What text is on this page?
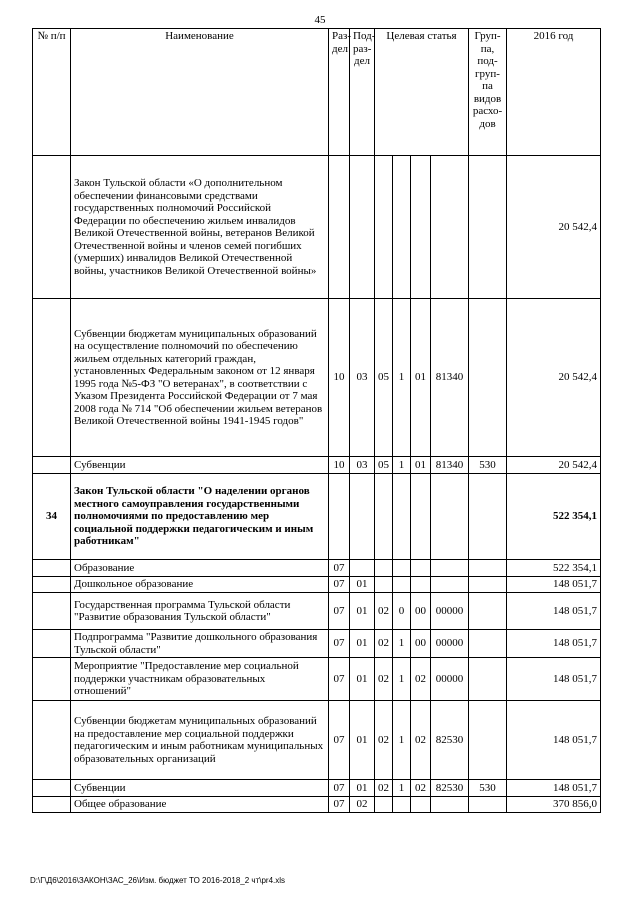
45
№ п/п	Наименование	Раз- дел	Под- раз- дел	Целевая статья				Груп- па, под- груп- па видов расхо- дов	2016 год
	Закон Тульской области «О дополнительном обеспечении финансовыми средствами государственных полномочий Российской Федерации по обеспечению жильем инвалидов Великой Отечественной войны, ветеранов Великой Отечественной войны и членов семей погибших (умерших) инвалидов Великой Отечественной войны, участников Великой Отечественной войны»								20 542,4
	Субвенции бюджетам муниципальных образований на осуществление полномочий по обеспечению жильем отдельных категорий граждан, установленных Федеральным законом от 12 января 1995 года №5-ФЗ "О ветеранах", в соответствии с Указом Президента Российской Федерации от 7 мая 2008 года № 714 "Об обеспечении жильем ветеранов Великой Отечественной войны 1941-1945 годов"	10	03	05	1	01	81340		20 542,4
	Субвенции	10	03	05	1	01	81340	530	20 542,4
34	Закон Тульской области "О наделении органов местного самоуправления государственными полномочиями по предоставлению мер социальной поддержки педагогическим и иным работникам"								522 354,1
	Образование	07							522 354,1
	Дошкольное образование	07	01						148 051,7
	Государственная программа Тульской области "Развитие образования Тульской области"	07	01	02	0	00	00000		148 051,7
	Подпрограмма "Развитие дошкольного образования Тульской области"	07	01	02	1	00	00000		148 051,7
	Мероприятие "Предоставление мер социальной поддержки участникам образовательных отношений"	07	01	02	1	02	00000		148 051,7
	Субвенции бюджетам муниципальных образований на предоставление мер социальной поддержки педагогическим и иным работникам муниципальных образовательных организаций	07	01	02	1	02	82530		148 051,7
	Субвенции	07	01	02	1	02	82530	530	148 051,7
	Общее образование	07	02						370 856,0
D:\Г\Д6\2016\ЗАКОН\ЗАС_26\Изм. бюджет ТО 2016-2018_2 чт\pr4.xls
